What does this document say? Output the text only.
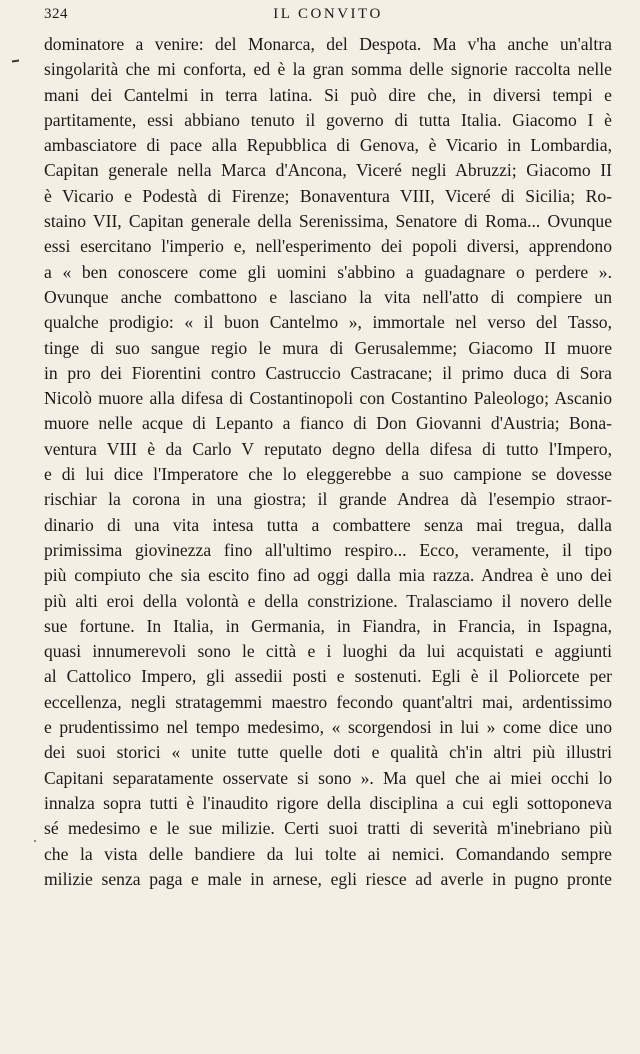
324	IL CONVITO
dominatore a venire: del Monarca, del Despota. Ma v'ha anche un'altra
singolarità che mi conforta, ed è la gran somma delle signorie raccolta nelle
mani dei Cantelmi in terra latina. Si può dire che, in diversi tempi e
partitamente, essi abbiano tenuto il governo di tutta Italia. Giacomo I è
ambasciatore di pace alla Repubblica di Genova, è Vicario in Lombardia,
Capitan generale nella Marca d'Ancona, Viceré negli Abruzzi; Giacomo II
è Vicario e Podestà di Firenze; Bonaventura VIII, Viceré di Sicilia; Ro-
staino VII, Capitan generale della Serenissima, Senatore di Roma... Ovunque
essi esercitano l'imperio e, nell'esperimento dei popoli diversi, apprendono
a « ben conoscere come gli uomini s'abbino a guadagnare o perdere ».
Ovunque anche combattono e lasciano la vita nell'atto di compiere un
qualche prodigio: « il buon Cantelmo », immortale nel verso del Tasso,
tinge di suo sangue regio le mura di Gerusalemme; Giacomo II muore
in pro dei Fiorentini contro Castruccio Castracane; il primo duca di Sora
Nicolò muore alla difesa di Costantinopoli con Costantino Paleologo; Ascanio
muore nelle acque di Lepanto a fianco di Don Giovanni d'Austria; Bona-
ventura VIII è da Carlo V reputato degno della difesa di tutto l'Impero,
e di lui dice l'Imperatore che lo eleggerebbe a suo campione se dovesse
rischiar la corona in una giostra; il grande Andrea dà l'esempio straor-
dinario di una vita intesa tutta a combattere senza mai tregua, dalla
primissima giovinezza fino all'ultimo respiro... Ecco, veramente, il tipo
più compiuto che sia escito fino ad oggi dalla mia razza. Andrea è uno dei
più alti eroi della volontà e della constrizione. Tralasciamo il novero delle
sue fortune. In Italia, in Germania, in Fiandra, in Francia, in Ispagna,
quasi innumerevoli sono le città e i luoghi da lui acquistati e aggiunti
al Cattolico Impero, gli assedii posti e sostenuti. Egli è il Poliorcete per
eccellenza, negli stratagemmi maestro fecondo quant'altri mai, ardentissimo
e prudentissimo nel tempo medesimo, « scorgendosi in lui » come dice uno
dei suoi storici « unite tutte quelle doti e qualità ch'in altri più illustri
Capitani separatamente osservate si sono ». Ma quel che ai miei occhi lo
innalza sopra tutti è l'inaudito rigore della disciplina a cui egli sottoponeva
sé medesimo e le sue milizie. Certi suoi tratti di severità m'inebriano più
che la vista delle bandiere da lui tolte ai nemici. Comandando sempre
milizie senza paga e male in arnese, egli riesce ad averle in pugno pronte
